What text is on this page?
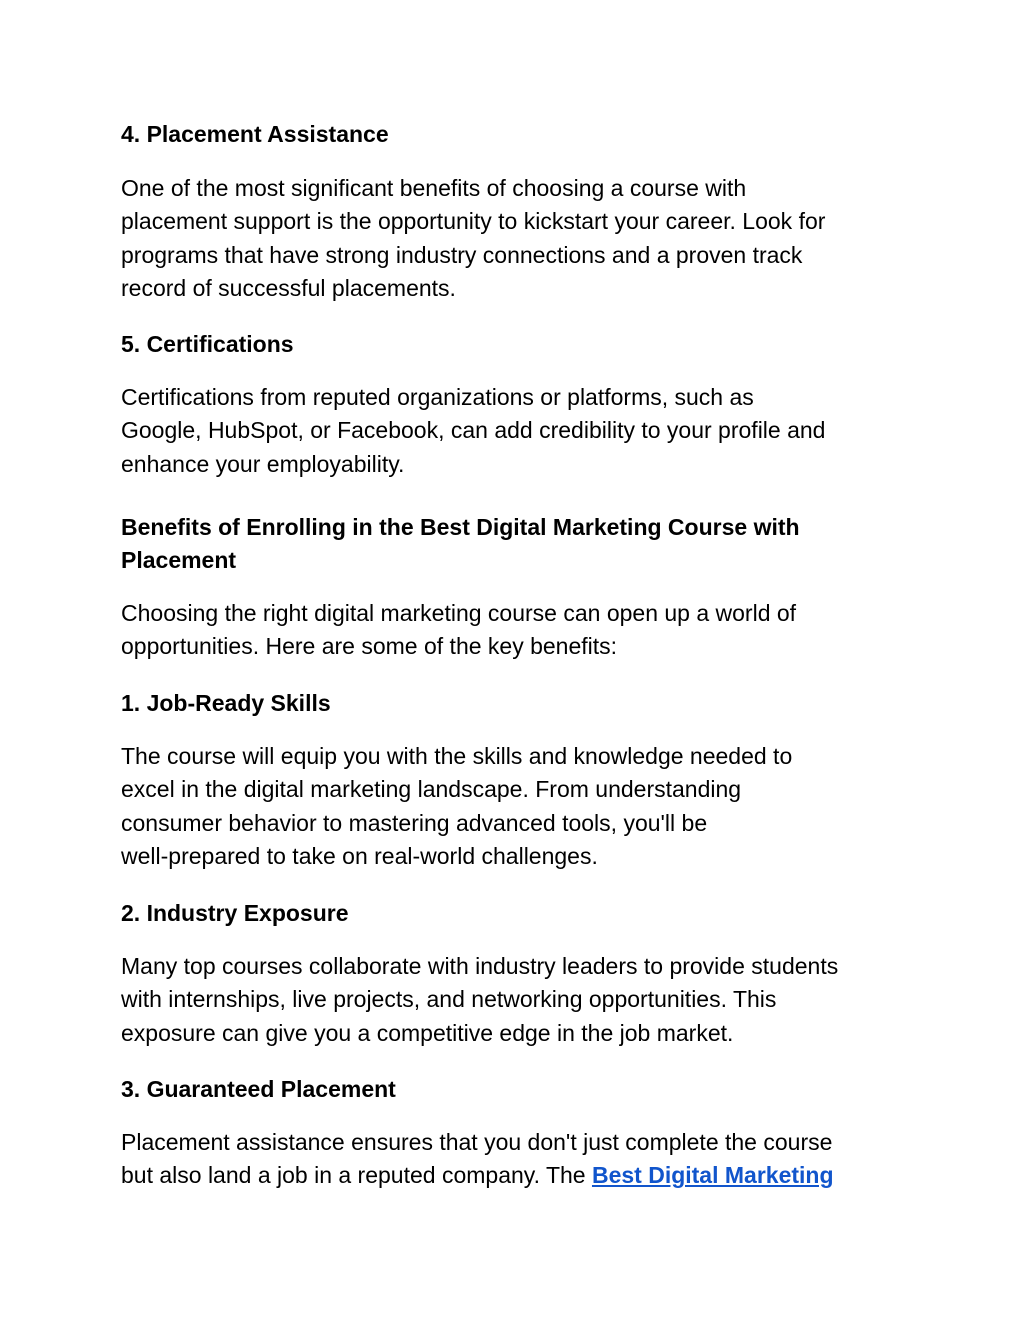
4. Placement Assistance

One of the most significant benefits of choosing a course with
placement support is the opportunity to kickstart your career. Look for
programs that have strong industry connections and a proven track
record of successful placements.

5. Certifications

Certifications from reputed organizations or platforms, such as
Google, HubSpot, or Facebook, can add credibility to your profile and
enhance your employability.

Benefits of Enrolling in the Best Digital Marketing Course with
Placement

Choosing the right digital marketing course can open up a world of
opportunities. Here are some of the key benefits:

1. Job-Ready Skills

The course will equip you with the skills and knowledge needed to
excel in the digital marketing landscape. From understanding
consumer behavior to mastering advanced tools, you'll be
well-prepared to take on real-world challenges.

2. Industry Exposure

Many top courses collaborate with industry leaders to provide students
with internships, live projects, and networking opportunities. This
exposure can give you a competitive edge in the job market.

3. Guaranteed Placement

Placement assistance ensures that you don't just complete the course
but also land a job in a reputed company. The Best Digital Marketing
